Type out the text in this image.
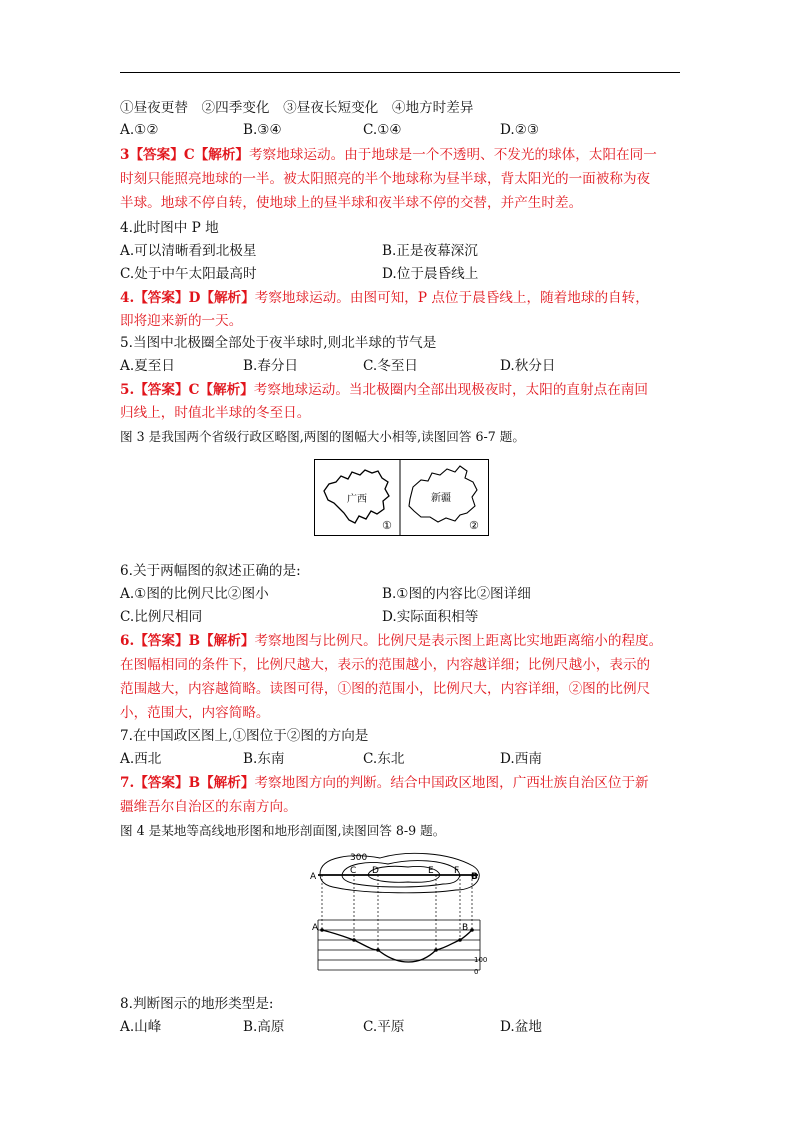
①昼夜更替　②四季变化　③昼夜长短变化　④地方时差异
A.①②	B.③④	C.①④	D.②③
3【答案】C【解析】考察地球运动。由于地球是一个不透明、不发光的球体，太阳在同一
时刻只能照亮地球的一半。被太阳照亮的半个地球称为昼半球，背太阳光的一面被称为夜
半球。地球不停自转，使地球上的昼半球和夜半球不停的交替，并产生时差。
4.此时图中 P 地
A.可以清晰看到北极星	B.正是夜幕深沉
C.处于中午太阳最高时	D.位于晨昏线上
4.【答案】D【解析】考察地球运动。由图可知，P 点位于晨昏线上，随着地球的自转，
即将迎来新的一天。
5.当图中北极圈全部处于夜半球时,则北半球的节气是
A.夏至日	B.春分日	C.冬至日	D.秋分日
5.【答案】C【解析】考察地球运动。当北极圈内全部出现极夜时，太阳的直射点在南回
归线上，时值北半球的冬至日。
图 3 是我国两个省级行政区略图,两图的图幅大小相等,读图回答 6-7 题。
广西	新疆
①	②
6.关于两幅图的叙述正确的是:
A.①图的比例尺比②图小	B.①图的内容比②图详细
C.比例尺相同	D.实际面积相等
6.【答案】B【解析】考察地图与比例尺。比例尺是表示图上距离比实地距离缩小的程度。
在图幅相同的条件下，比例尺越大，表示的范围越小，内容越详细；比例尺越小，表示的
范围越大，内容越简略。读图可得，①图的范围小，比例尺大，内容详细，②图的比例尺
小，范围大，内容简略。
7.在中国政区图上,①图位于②图的方向是
A.西北	B.东南	C.东北	D.西南
7.【答案】B【解析】考察地图方向的判断。结合中国政区地图，广西壮族自治区位于新
疆维吾尔自治区的东南方向。
图 4 是某地等高线地形图和地形剖面图,读图回答 8-9 题。
A
C D	E F
B
300
A	B
100
0
8.判断图示的地形类型是:
A.山峰	B.高原	C.平原	D.盆地
